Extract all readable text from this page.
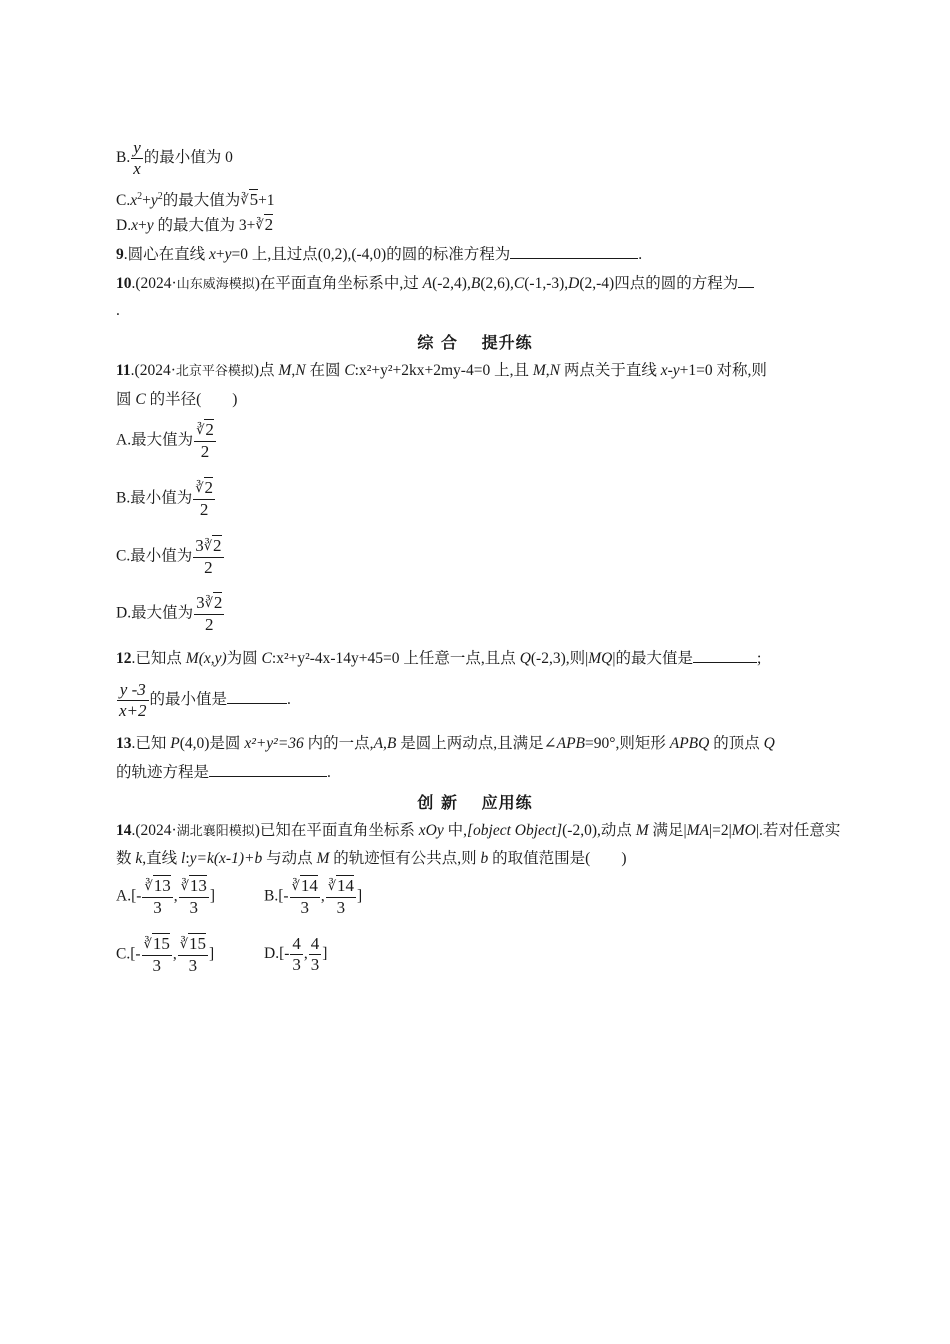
B. $\frac{y}{x}$ 的最小值为 0
$C.x^2+y^2$的最大值为∛5+1
D.x+y 的最大值为 3+∛2
9.圆心在直线 x+y=0 上,且过点(0,2),(-4,0)的圆的标准方程为	.
10.(2024·山东威海模拟)在平面直角坐标系中,过 A(-2,4),B(2,6),C(-1,-3),D(2,-4)四点的圆的方程为
.
综 合　 提升练
11.(2024·北京平谷模拟)点 M,N 在圆 C:x²+y²+2kx+2my-4=0 上,且 M,N 两点关于直线 x-y+1=0 对称,则
圆 C 的半径(　　)
A.最大值为 $\frac{∛2}{2}$
B.最小值为 $\frac{∛2}{2}$
C.最小值为 $\frac{3∛2}{2}$
D.最大值为 $\frac{3∛2}{2}$
12.已知点 M(x,y)为圆 C:x²+y²-4x-14y+45=0 上任意一点,且点 Q(-2,3),则|MQ|的最大值是	;
$\frac{y -3}{x+2}$ 的最小值是	.
13.已知 P(4,0)是圆 x²+y²=36 内的一点,A,B 是圆上两动点,且满足∠APB=90°,则矩形 APBQ 的顶点 Q
的轨迹方程是	.
创 新　 应用练
14.(2024·湖北襄阳模拟)已知在平面直角坐标系 xOy 中,[object Object](-2,0),动点 M 满足|MA|=2|MO|.若对任意实
数 k,直线 l:y=k(x-1)+b 与动点 M 的轨迹恒有公共点,则 b 的取值范围是(　　)
$A.[- \frac{∛13}{3}$ , $\frac{∛13}{3}$ ]	$B.[- \frac{∛14}{3}$ , $\frac{∛14}{3}$ ]
$C.[- \frac{∛15}{3}$ , $\frac{∛15}{3}$ ]	$D.[- \frac{4}{3}$ , $\frac{4}{3}$ ]
